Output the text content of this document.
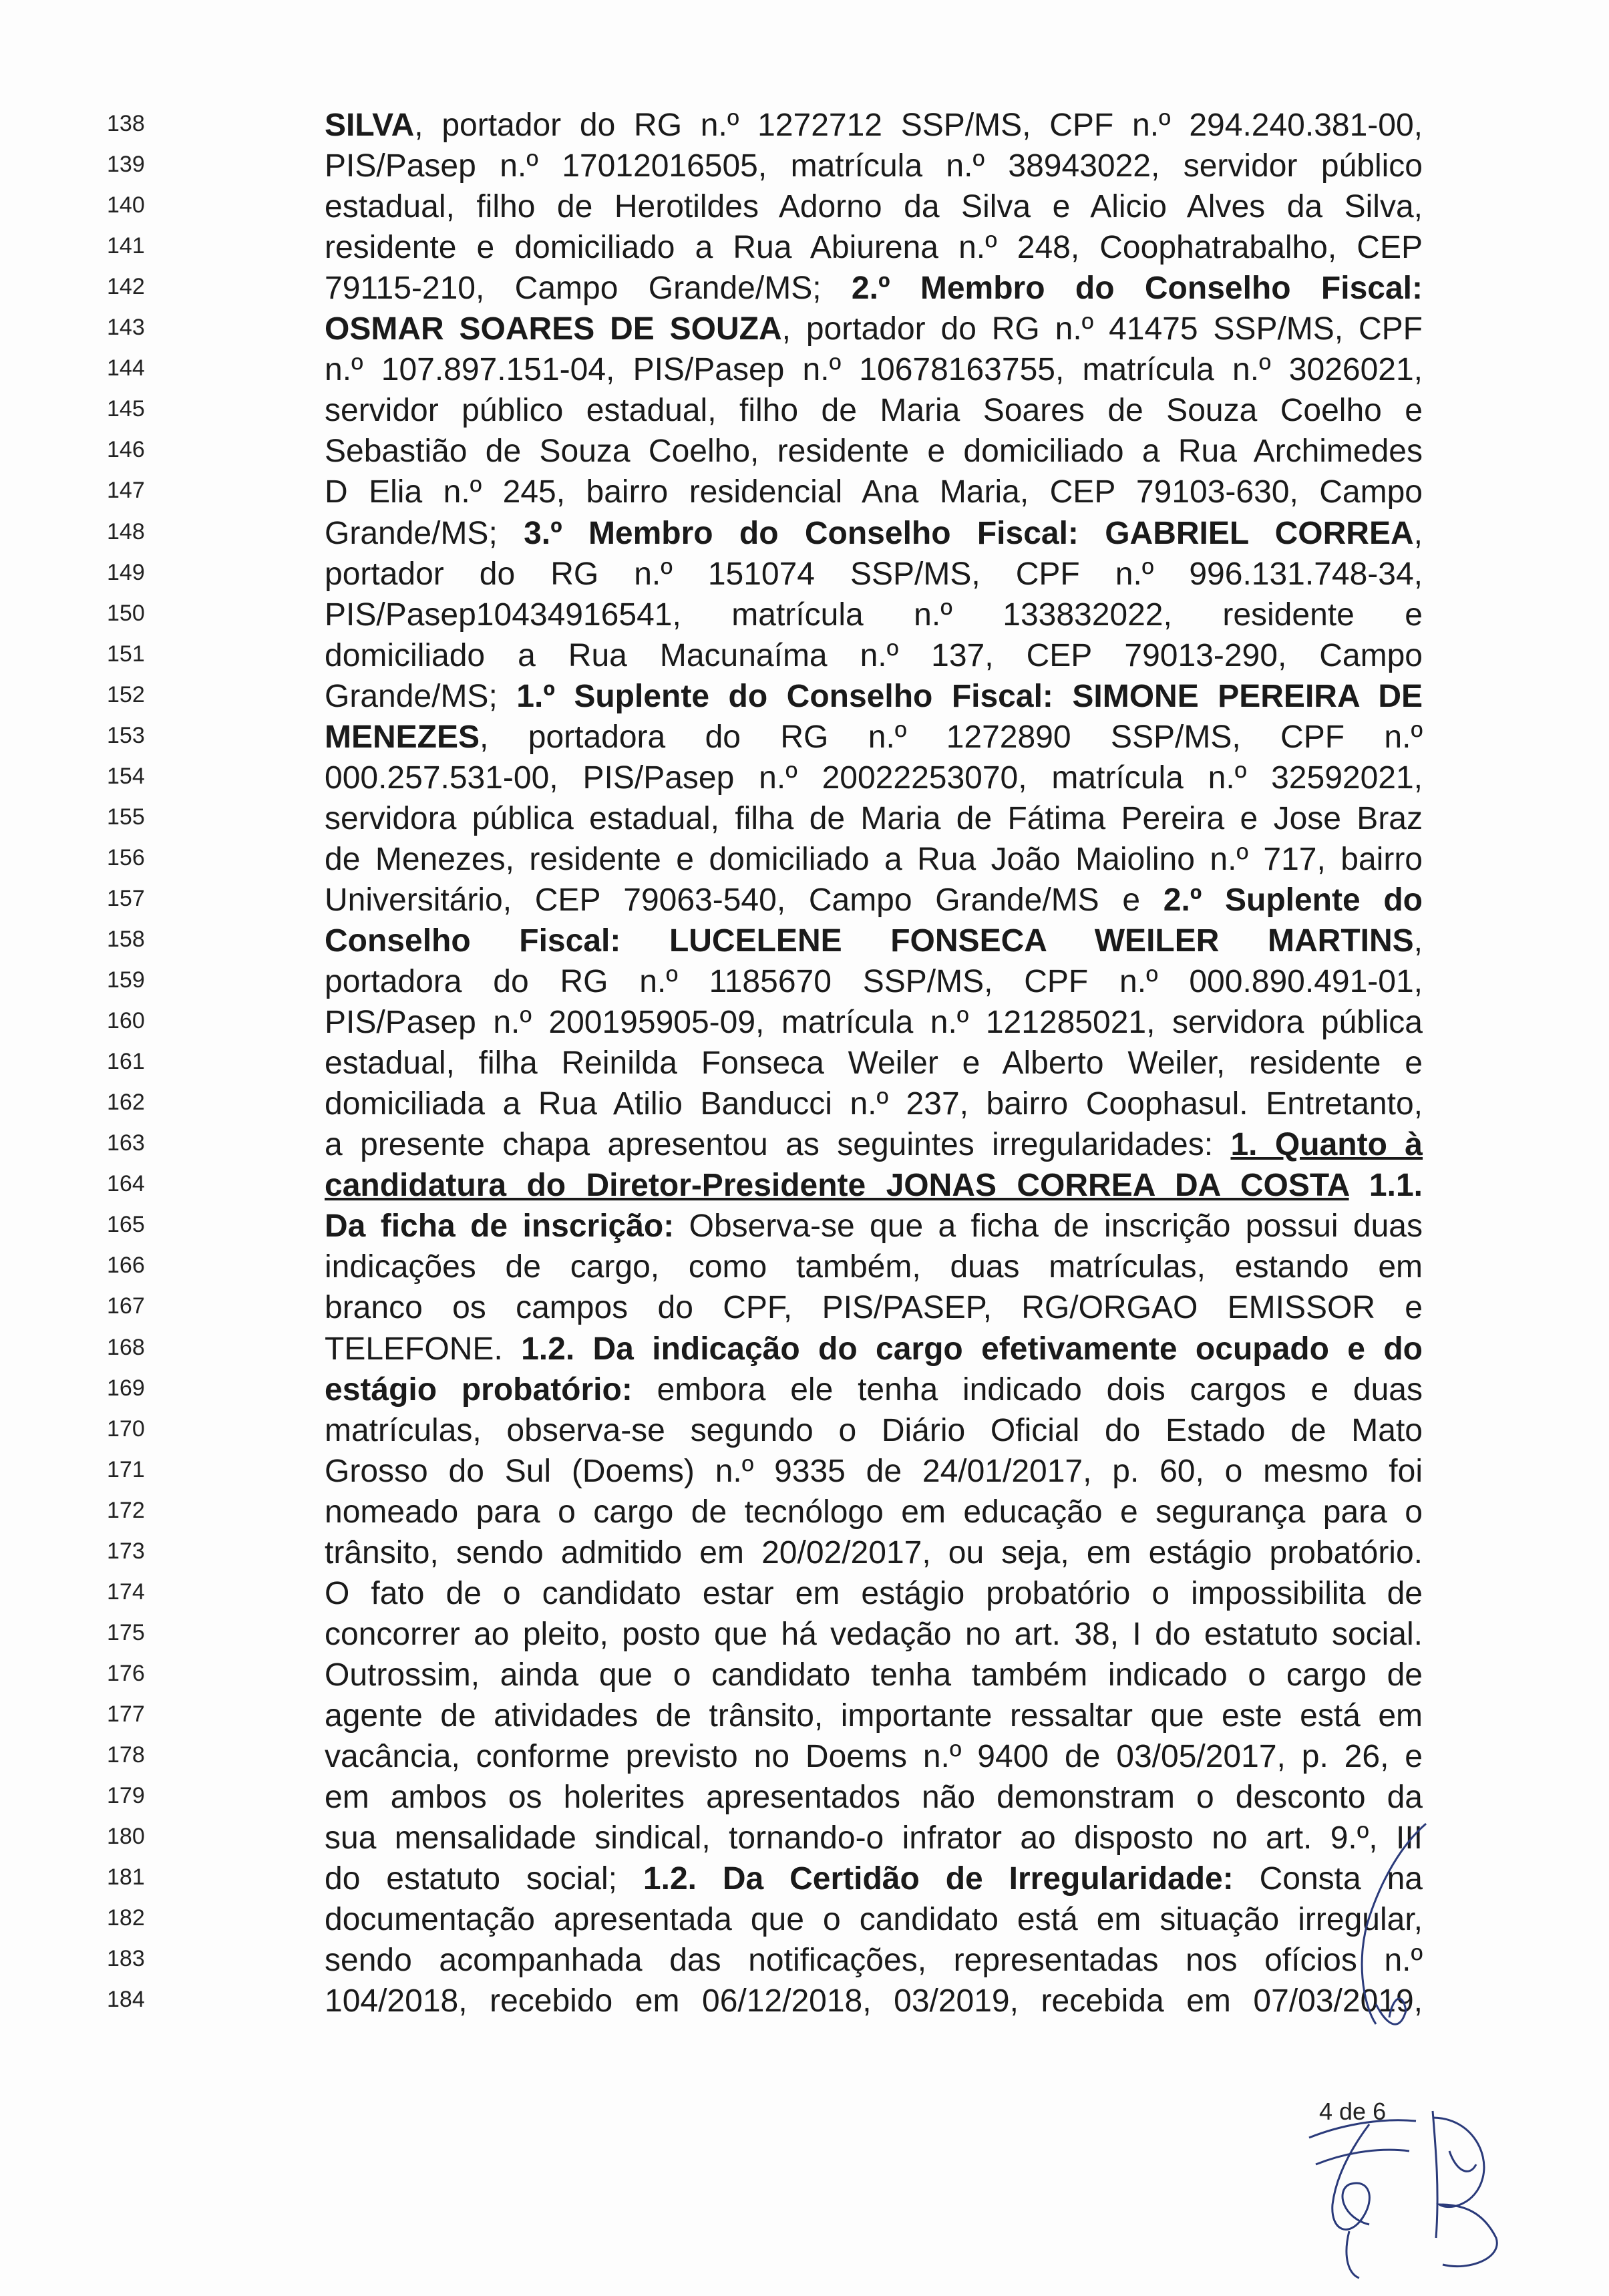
138	SILVA, portador do RG n.º 1272712 SSP/MS, CPF n.º 294.240.381-00,
139	PIS/Pasep n.º 17012016505, matrícula n.º 38943022, servidor público
140	estadual, filho de Herotildes Adorno da Silva e Alicio Alves da Silva,
141	residente e domiciliado a Rua Abiurena n.º 248, Coophatrabalho, CEP
142	79115-210, Campo Grande/MS; 2.º Membro do Conselho Fiscal:
143	OSMAR SOARES DE SOUZA, portador do RG n.º 41475 SSP/MS, CPF
144	n.º 107.897.151-04, PIS/Pasep n.º 10678163755, matrícula n.º 3026021,
145	servidor público estadual, filho de Maria Soares de Souza Coelho e
146	Sebastião de Souza Coelho, residente e domiciliado a Rua Archimedes
147	D Elia n.º 245, bairro residencial Ana Maria, CEP 79103-630, Campo
148	Grande/MS; 3.º Membro do Conselho Fiscal: GABRIEL CORREA,
149	portador do RG n.º 151074 SSP/MS, CPF n.º 996.131.748-34,
150	PIS/Pasep10434916541, matrícula n.º 133832022, residente e
151	domiciliado a Rua Macunaíma n.º 137, CEP 79013-290, Campo
152	Grande/MS; 1.º Suplente do Conselho Fiscal: SIMONE PEREIRA DE
153	MENEZES, portadora do RG n.º 1272890 SSP/MS, CPF n.º
154	000.257.531-00, PIS/Pasep n.º 20022253070, matrícula n.º 32592021,
155	servidora pública estadual, filha de Maria de Fátima Pereira e Jose Braz
156	de Menezes, residente e domiciliado a Rua João Maiolino n.º 717, bairro
157	Universitário, CEP 79063-540, Campo Grande/MS e 2.º Suplente do
158	Conselho Fiscal: LUCELENE FONSECA WEILER MARTINS,
159	portadora do RG n.º 1185670 SSP/MS, CPF n.º 000.890.491-01,
160	PIS/Pasep n.º 200195905-09, matrícula n.º 121285021, servidora pública
161	estadual, filha Reinilda Fonseca Weiler e Alberto Weiler, residente e
162	domiciliada a Rua Atilio Banducci n.º 237, bairro Coophasul. Entretanto,
163	a presente chapa apresentou as seguintes irregularidades: 1. Quanto à
164	candidatura do Diretor-Presidente JONAS CORREA DA COSTA 1.1.
165	Da ficha de inscrição: Observa-se que a ficha de inscrição possui duas
166	indicações de cargo, como também, duas matrículas, estando em
167	branco os campos do CPF, PIS/PASEP, RG/ORGAO EMISSOR e
168	TELEFONE. 1.2. Da indicação do cargo efetivamente ocupado e do
169	estágio probatório: embora ele tenha indicado dois cargos e duas
170	matrículas, observa-se segundo o Diário Oficial do Estado de Mato
171	Grosso do Sul (Doems) n.º 9335 de 24/01/2017, p. 60, o mesmo foi
172	nomeado para o cargo de tecnólogo em educação e segurança para o
173	trânsito, sendo admitido em 20/02/2017, ou seja, em estágio probatório.
174	O fato de o candidato estar em estágio probatório o impossibilita de
175	concorrer ao pleito, posto que há vedação no art. 38, I do estatuto social.
176	Outrossim, ainda que o candidato tenha também indicado o cargo de
177	agente de atividades de trânsito, importante ressaltar que este está em
178	vacância, conforme previsto no Doems n.º 9400 de 03/05/2017, p. 26, e
179	em ambos os holerites apresentados não demonstram o desconto da
180	sua mensalidade sindical, tornando-o infrator ao disposto no art. 9.º, III
181	do estatuto social; 1.2. Da Certidão de Irregularidade: Consta na
182	documentação apresentada que o candidato está em situação irregular,
183	sendo acompanhada das notificações, representadas nos ofícios n.º
184	104/2018, recebido em 06/12/2018, 03/2019, recebida em 07/03/2019,
4 de 6
